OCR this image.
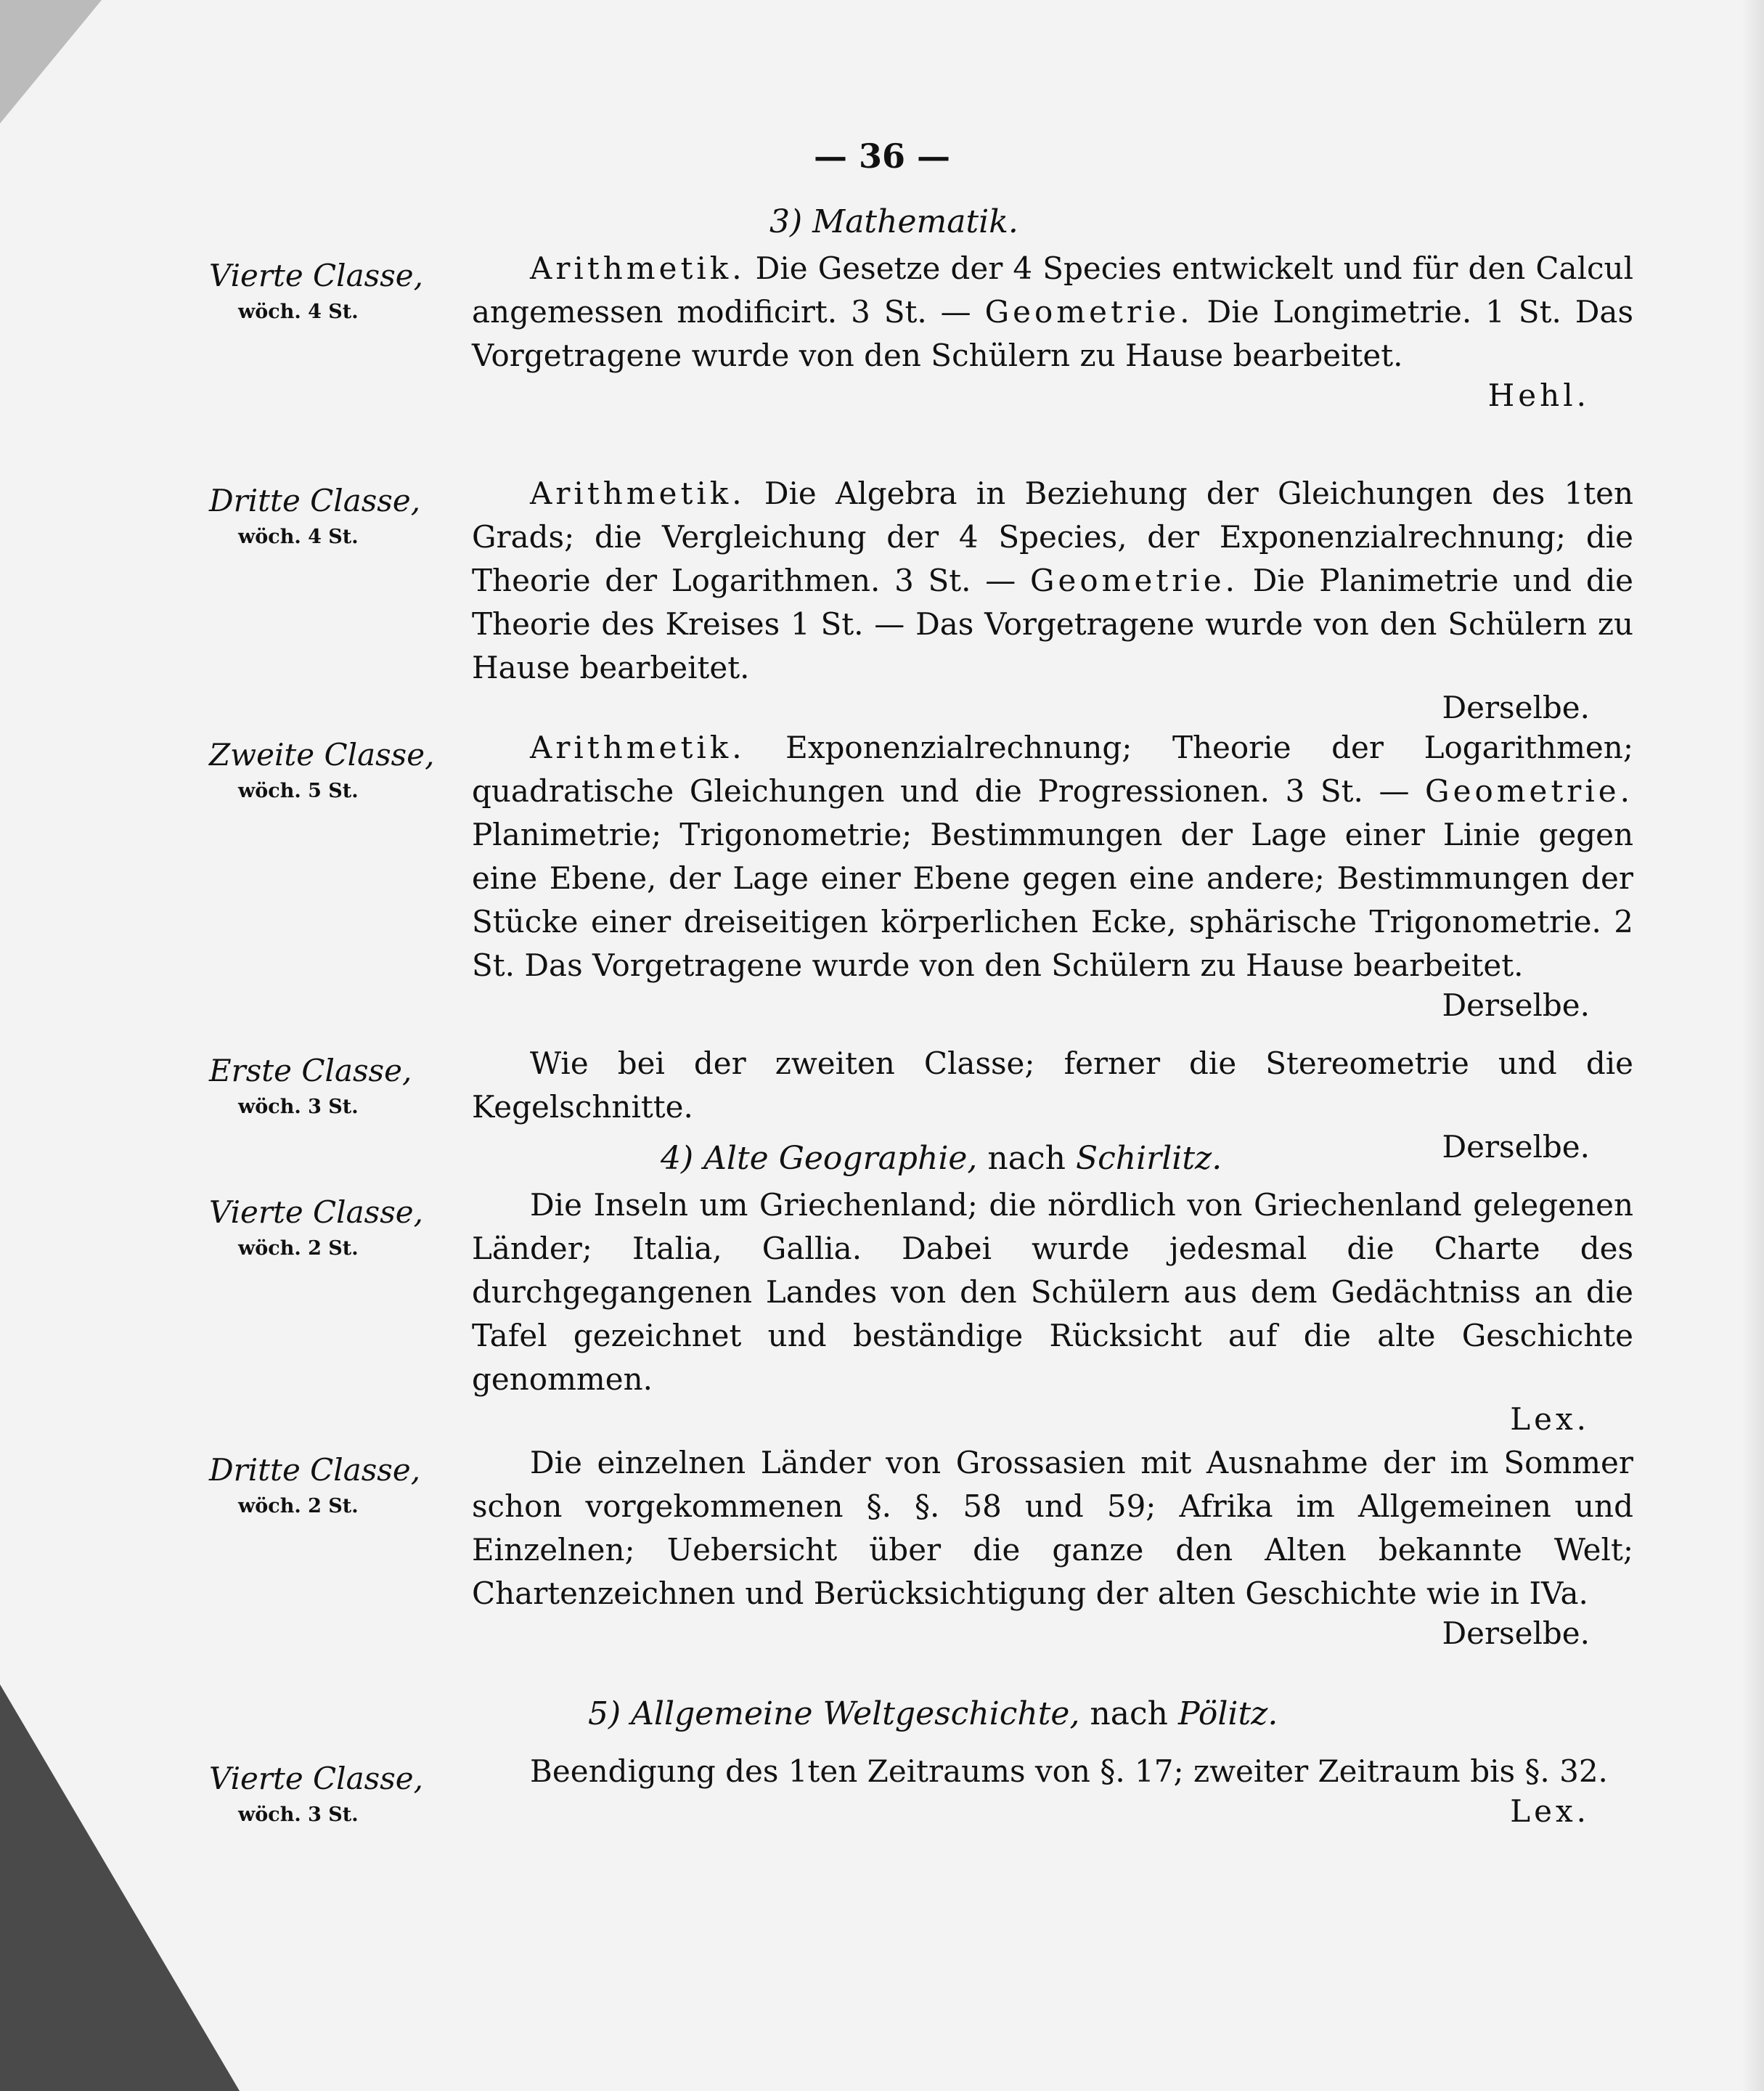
— 36 —
3) Mathematik.
Vierte Classe,
wöch. 4 St.
Arithmetik. Die Gesetze der 4 Species entwickelt und für den Calcul angemessen modificirt. 3 St. — Geometrie. Die Longimetrie. 1 St. Das Vorgetragene wurde von den Schülern zu Hause bearbeitet.
Hehl.
Dritte Classe,
wöch. 4 St.
Arithmetik. Die Algebra in Beziehung der Gleichungen des 1ten Grads; die Vergleichung der 4 Species, der Exponenzialrechnung; die Theorie der Logarithmen. 3 St. — Geometrie. Die Planimetrie und die Theorie des Kreises 1 St. — Das Vorgetragene wurde von den Schülern zu Hause bearbeitet.
Derselbe.
Zweite Classe,
wöch. 5 St.
Arithmetik. Exponenzialrechnung; Theorie der Logarithmen; quadratische Gleichungen und die Progressionen. 3 St. — Geometrie. Planimetrie; Trigonometrie; Bestimmungen der Lage einer Linie gegen eine Ebene, der Lage einer Ebene gegen eine andere; Bestimmungen der Stücke einer dreiseitigen körperlichen Ecke, sphärische Trigonometrie. 2 St. Das Vorgetragene wurde von den Schülern zu Hause bearbeitet.
Derselbe.
Erste Classe,
wöch. 3 St.
Wie bei der zweiten Classe; ferner die Stereometrie und die Kegelschnitte.
Derselbe.
4) Alte Geographie, nach Schirlitz.
Vierte Classe,
wöch. 2 St.
Die Inseln um Griechenland; die nördlich von Griechenland gelegenen Länder; Italia, Gallia. Dabei wurde jedesmal die Charte des durchgegangenen Landes von den Schülern aus dem Gedächtniss an die Tafel gezeichnet und beständige Rücksicht auf die alte Geschichte genommen.
Lex.
Dritte Classe,
wöch. 2 St.
Die einzelnen Länder von Grossasien mit Ausnahme der im Sommer schon vorgekommenen §. §. 58 und 59; Afrika im Allgemeinen und Einzelnen; Uebersicht über die ganze den Alten bekannte Welt; Chartenzeichnen und Berücksichtigung der alten Geschichte wie in IVa.
Derselbe.
5) Allgemeine Weltgeschichte, nach Pölitz.
Vierte Classe,
wöch. 3 St.
Beendigung des 1ten Zeitraums von §. 17; zweiter Zeitraum bis §. 32.
Lex.
